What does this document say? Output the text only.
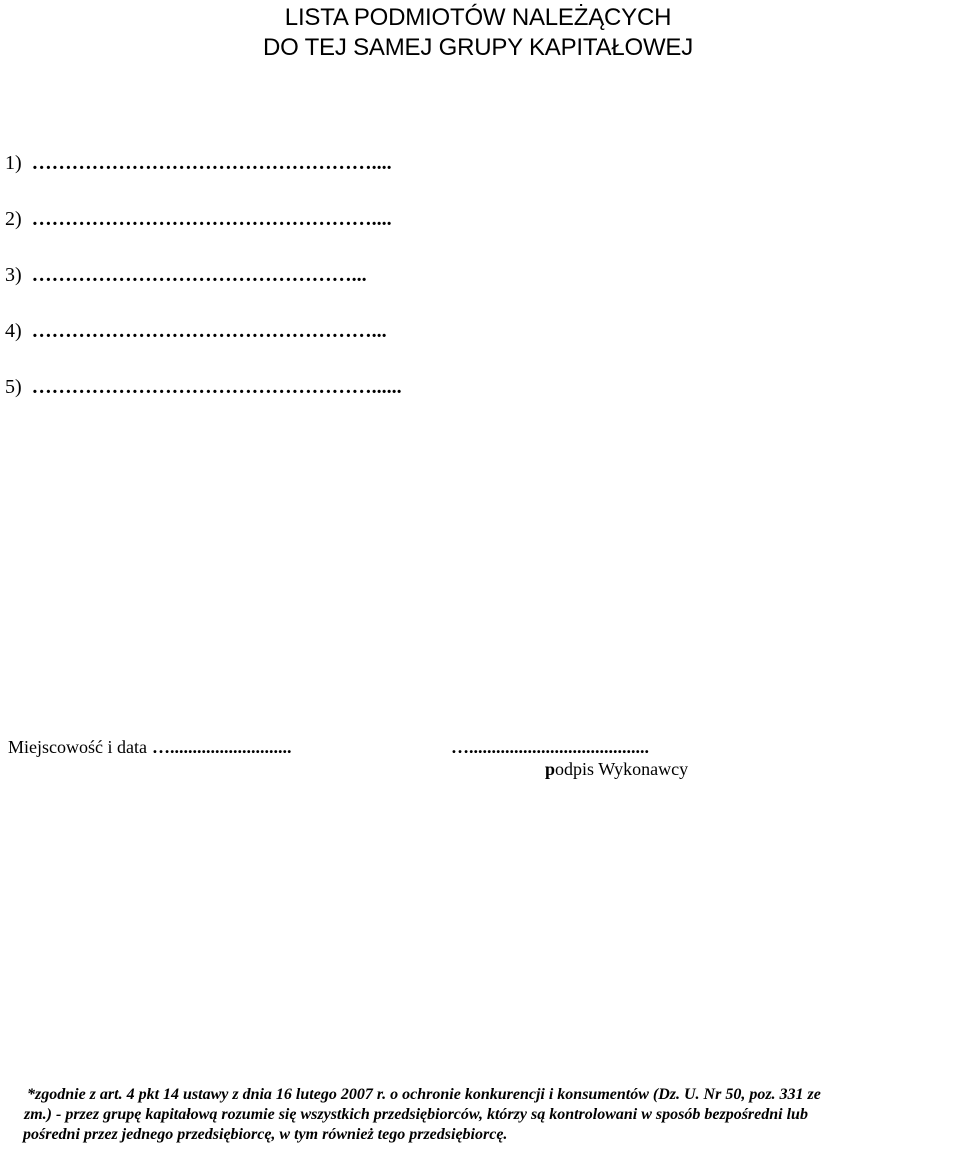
LISTA PODMIOTÓW NALEŻĄCYCH
DO TEJ SAMEJ GRUPY KAPITAŁOWEJ
1) ……………………………………………....
2) ……………………………………………....
3) …………………………………………...
4) ……………………………………………...
5) ……………………………………………......
Miejscowość i data …...........................	…........................................
podpis Wykonawcy
*zgodnie z art. 4 pkt 14 ustawy z dnia 16 lutego 2007 r. o ochronie konkurencji i konsumentów (Dz. U. Nr 50, poz. 331 ze
zm.) - przez grupę kapitałową rozumie się wszystkich przedsiębiorców, którzy są kontrolowani w sposób bezpośredni lub
pośredni przez jednego przedsiębiorcę, w tym również tego przedsiębiorcę.
